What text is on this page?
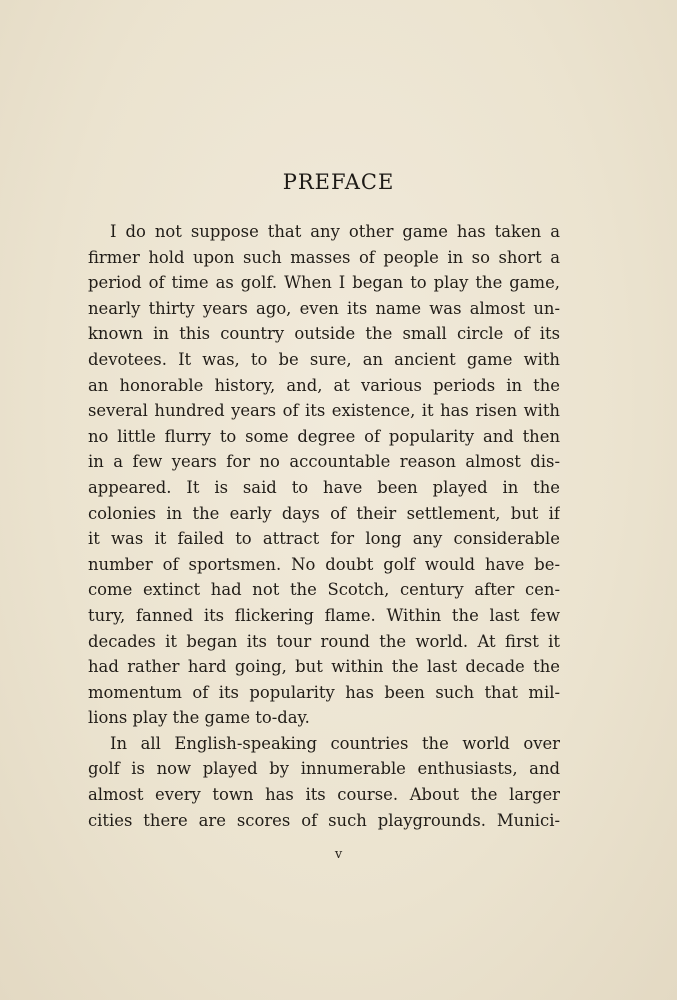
PREFACE
I do not suppose that any other game has taken a
firmer hold upon such masses of people in so short a
period of time as golf. When I began to play the game,
nearly thirty years ago, even its name was almost un-
known in this country outside the small circle of its
devotees. It was, to be sure, an ancient game with
an honorable history, and, at various periods in the
several hundred years of its existence, it has risen with
no little flurry to some degree of popularity and then
in a few years for no accountable reason almost dis-
appeared. It is said to have been played in the
colonies in the early days of their settlement, but if
it was it failed to attract for long any considerable
number of sportsmen. No doubt golf would have be-
come extinct had not the Scotch, century after cen-
tury, fanned its flickering flame. Within the last few
decades it began its tour round the world. At first it
had rather hard going, but within the last decade the
momentum of its popularity has been such that mil-
lions play the game to-day.
In all English-speaking countries the world over
golf is now played by innumerable enthusiasts, and
almost every town has its course. About the larger
cities there are scores of such playgrounds. Munici-
v
